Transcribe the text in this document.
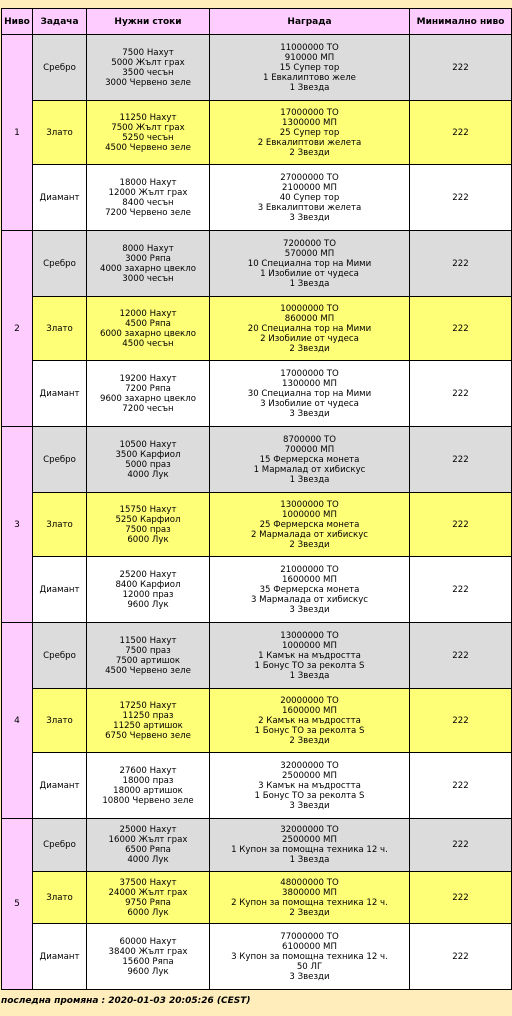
Ниво	Задача	Нужни стоки	Награда	Минимално ниво
1	Сребро	7500 Нахут
5000 Жълт грах
3500 чесън
3000 Червено зеле	11000000 ТО
910000 МП
15 Супер тор
1 Евкалиптово желе
1 Звезда	222
	Злато	11250 Нахут
7500 Жълт грах
5250 чесън
4500 Червено зеле	17000000 ТО
1300000 МП
25 Супер тор
2 Евкалиптови желета
2 Звезди	222
	Диамант	18000 Нахут
12000 Жълт грах
8400 чесън
7200 Червено зеле	27000000 ТО
2100000 МП
40 Супер тор
3 Евкалиптови желета
3 Звезди	222
2	Сребро	8000 Нахут
3000 Ряпа
4000 захарно цвекло
3000 чесън	7200000 ТО
570000 МП
10 Специална тор на Мими
1 Изобилие от чудеса
1 Звезда	222
	Злато	12000 Нахут
4500 Ряпа
6000 захарно цвекло
4500 чесън	10000000 ТО
860000 МП
20 Специална тор на Мими
2 Изобилие от чудеса
2 Звезди	222
	Диамант	19200 Нахут
7200 Ряпа
9600 захарно цвекло
7200 чесън	17000000 ТО
1300000 МП
30 Специална тор на Мими
3 Изобилие от чудеса
3 Звезди	222
3	Сребро	10500 Нахут
3500 Карфиол
5000 праз
4000 Лук	8700000 ТО
700000 МП
15 Фермерска монета
1 Мармалад от хибискус
1 Звезда	222
	Злато	15750 Нахут
5250 Карфиол
7500 праз
6000 Лук	13000000 ТО
1000000 МП
25 Фермерска монета
2 Мармалада от хибискус
2 Звезди	222
	Диамант	25200 Нахут
8400 Карфиол
12000 праз
9600 Лук	21000000 ТО
1600000 МП
35 Фермерска монета
3 Мармалада от хибискус
3 Звезди	222
4	Сребро	11500 Нахут
7500 праз
7500 артишок
4500 Червено зеле	13000000 ТО
1000000 МП
1 Камък на мъдростта
1 Бонус ТО за реколта S
1 Звезда	222
	Злато	17250 Нахут
11250 праз
11250 артишок
6750 Червено зеле	20000000 ТО
1600000 МП
2 Камък на мъдростта
1 Бонус ТО за реколта S
2 Звезди	222
	Диамант	27600 Нахут
18000 праз
18000 артишок
10800 Червено зеле	32000000 ТО
2500000 МП
3 Камък на мъдростта
1 Бонус ТО за реколта S
3 Звезди	222
5	Сребро	25000 Нахут
16000 Жълт грах
6500 Ряпа
4000 Лук	32000000 ТО
2500000 МП
1 Купон за помощна техника 12 ч.
1 Звезда	222
	Злато	37500 Нахут
24000 Жълт грах
9750 Ряпа
6000 Лук	48000000 ТО
3800000 МП
2 Купон за помощна техника 12 ч.
2 Звезди	222
	Диамант	60000 Нахут
38400 Жълт грах
15600 Ряпа
9600 Лук	77000000 ТО
6100000 МП
3 Купон за помощна техника 12 ч.
50 ЛГ
3 Звезди	222
последна промяна : 2020-01-03 20:05:26 (CEST)
